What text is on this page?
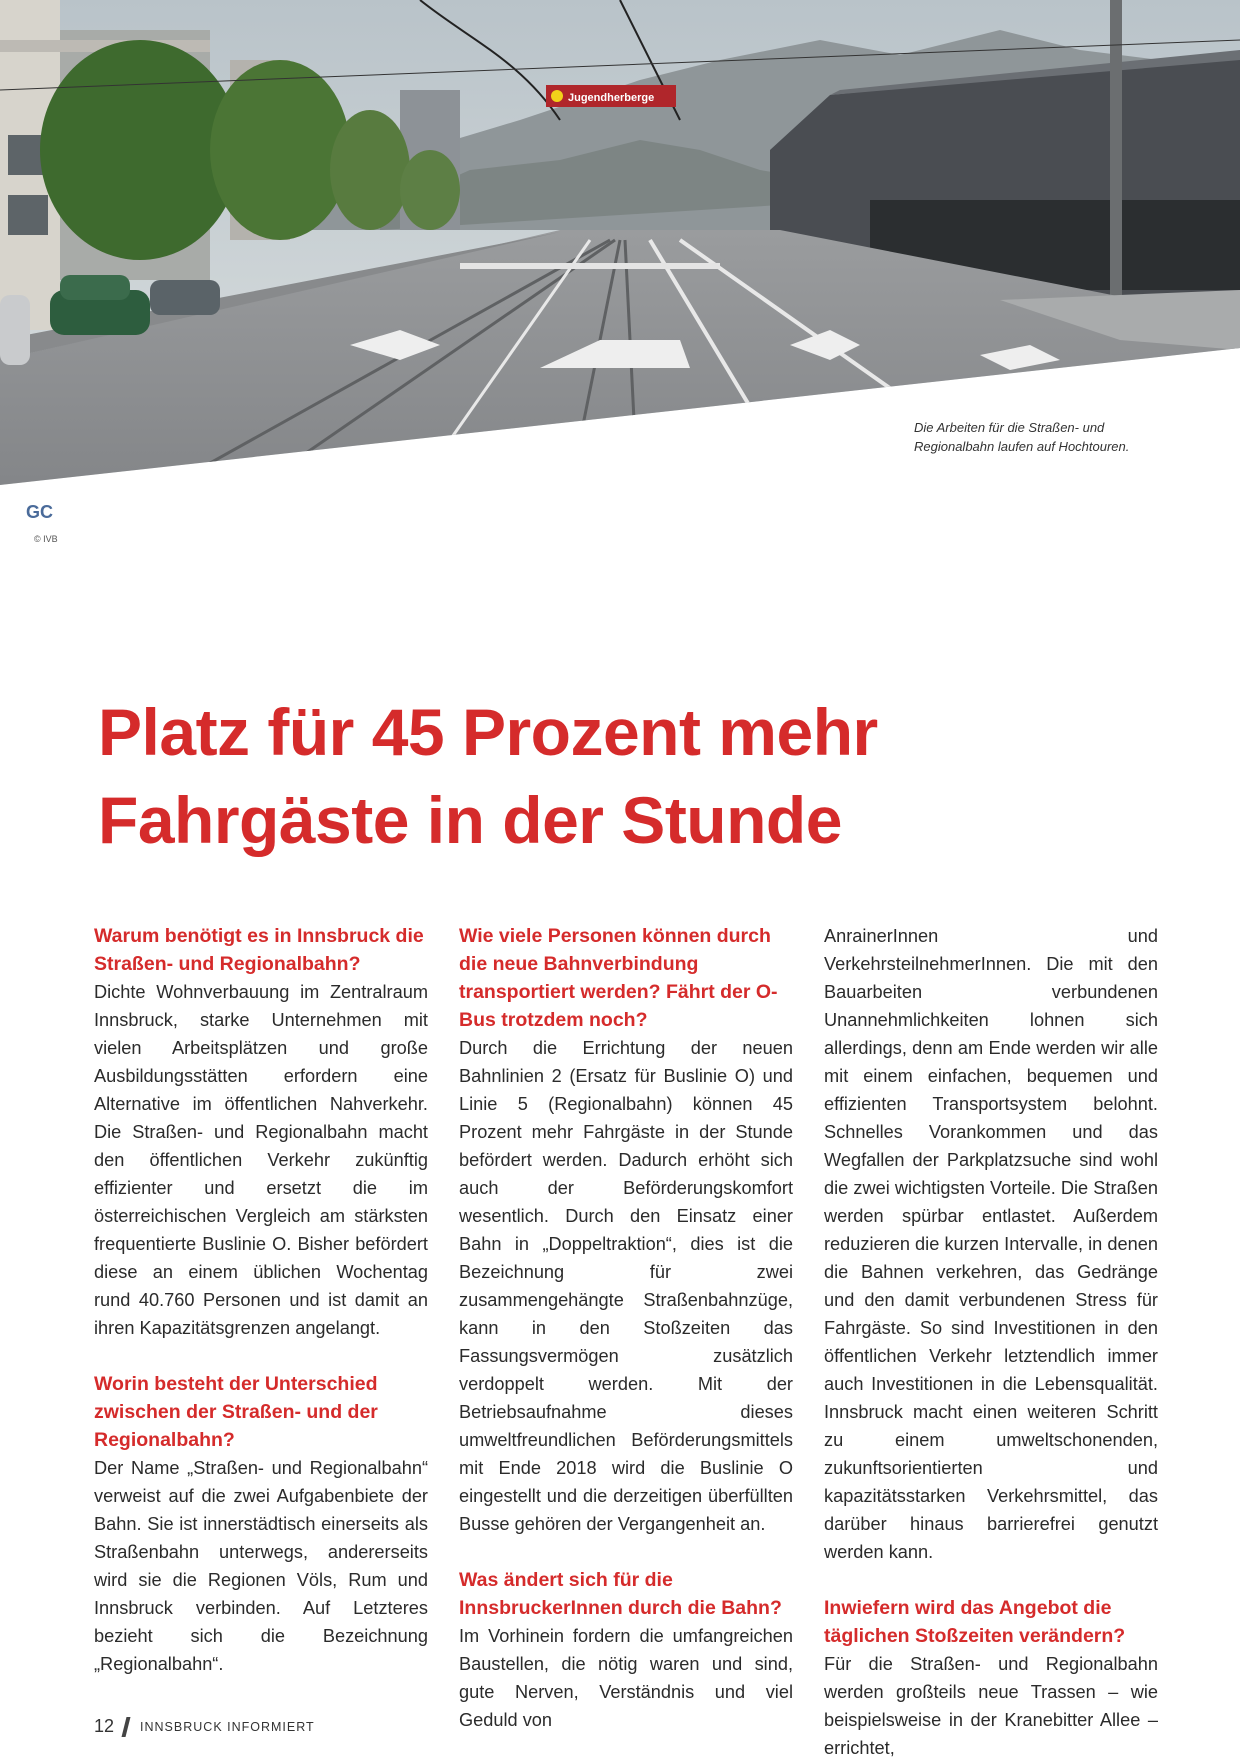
Jugendherberge
GC
Die Arbeiten für die Straßen- und
Regionalbahn laufen auf Hochtouren.
© IVB
Platz für 45 Prozent mehr
Fahrgäste in der Stunde
Warum benötigt es in Innsbruck die Straßen- und Regionalbahn?

Dichte Wohnverbauung im Zentralraum Innsbruck, starke Unternehmen mit vielen Arbeitsplätzen und große Ausbildungsstätten erfordern eine Alternative im öffentlichen Nahverkehr. Die Straßen- und Regionalbahn macht den öffentlichen Verkehr zukünftig effizienter und ersetzt die im österreichischen Vergleich am stärksten frequentierte Buslinie O. Bisher befördert diese an einem üblichen Wochentag rund 40.760 Personen und ist damit an ihren Kapazitätsgrenzen angelangt.

Worin besteht der Unterschied zwischen der Straßen- und der Regionalbahn?

Der Name „Straßen- und Regionalbahn“ verweist auf die zwei Aufgabenbiete der Bahn. Sie ist innerstädtisch einerseits als Straßenbahn unterwegs, andererseits wird sie die Regionen Völs, Rum und Innsbruck verbinden. Auf Letzteres bezieht sich die Bezeichnung „Regionalbahn“.

Wie viele Personen können durch die neue Bahnverbindung transportiert werden? Fährt der O-Bus trotzdem noch?

Durch die Errichtung der neuen Bahnlinien 2 (Ersatz für Buslinie O) und Linie 5 (Regionalbahn) können 45 Prozent mehr Fahrgäste in der Stunde befördert werden. Dadurch erhöht sich auch der Beförderungskomfort wesentlich. Durch den Einsatz einer Bahn in „Doppeltraktion“, dies ist die Bezeichnung für zwei zusammengehängte Straßenbahnzüge, kann in den Stoßzeiten das Fassungsvermögen zusätzlich verdoppelt werden. Mit der Betriebsaufnahme dieses umweltfreundlichen Beförderungsmittels mit Ende 2018 wird die Buslinie O eingestellt und die derzeitigen überfüllten Busse gehören der Vergangenheit an.

Was ändert sich für die InnsbruckerInnen durch die Bahn?

Im Vorhinein fordern die umfangreichen Baustellen, die nötig waren und sind, gute Nerven, Verständnis und viel Geduld von

AnrainerInnen und VerkehrsteilnehmerInnen. Die mit den Bauarbeiten verbundenen Unannehmlichkeiten lohnen sich allerdings, denn am Ende werden wir alle mit einem einfachen, bequemen und effizienten Transportsystem belohnt. Schnelles Vorankommen und das Wegfallen der Parkplatzsuche sind wohl die zwei wichtigsten Vorteile. Die Straßen werden spürbar entlastet. Außerdem reduzieren die kurzen Intervalle, in denen die Bahnen verkehren, das Gedränge und den damit verbundenen Stress für Fahrgäste. So sind Investitionen in den öffentlichen Verkehr letztendlich immer auch Investitionen in die Lebensqualität. Innsbruck macht einen weiteren Schritt zu einem umweltschonenden, zukunftsorientierten und kapazitätsstarken Verkehrsmittel, das darüber hinaus barrierefrei genutzt werden kann.

Inwiefern wird das Angebot die täglichen Stoßzeiten verändern?

Für die Straßen- und Regionalbahn werden großteils neue Trassen – wie beispielsweise in der Kranebitter Allee – errichtet,

12 INNSBRUCK INFORMIERT
